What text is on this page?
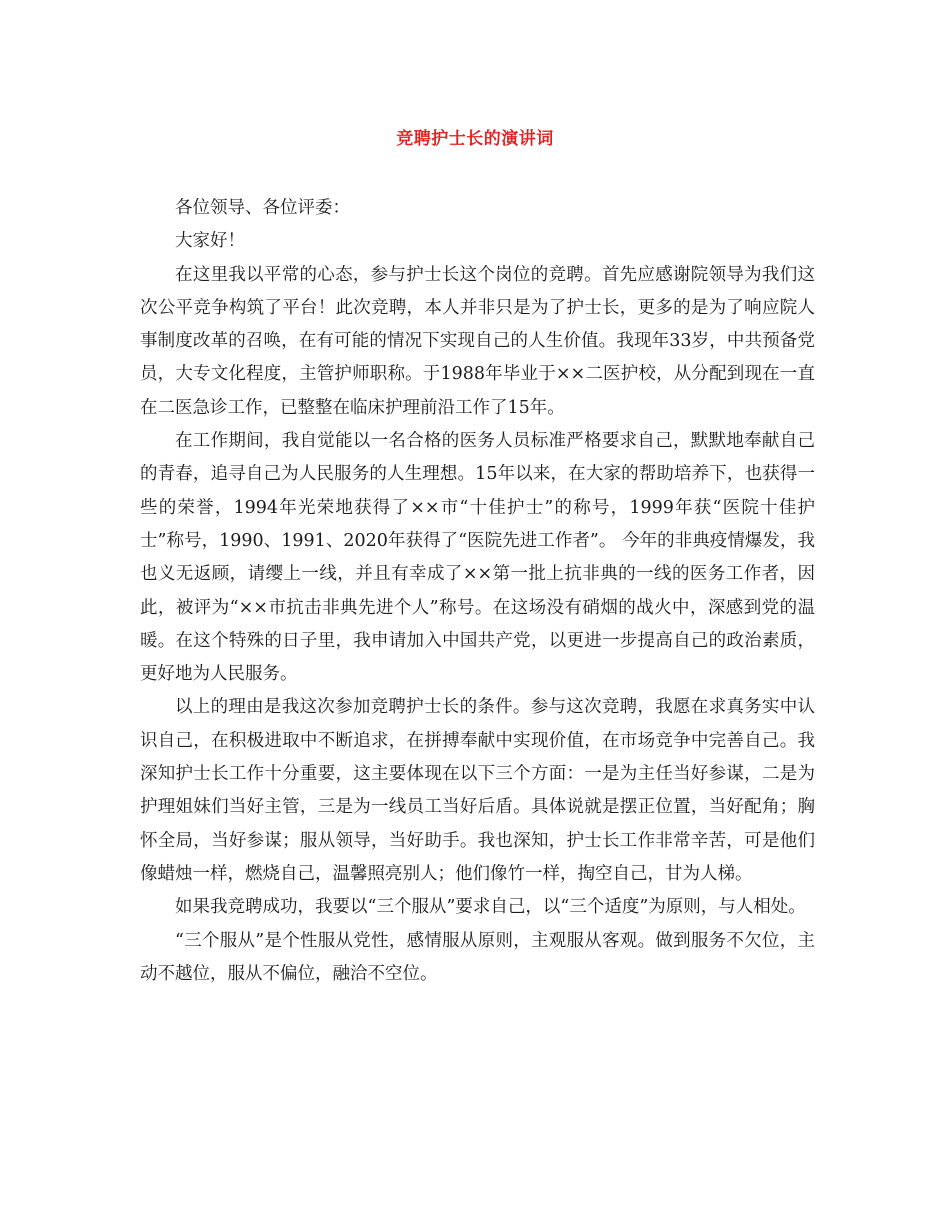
竞聘护士长的演讲词

各位领导、各位评委：

大家好！

在这里我以平常的心态，参与护士长这个岗位的竞聘。首先应感谢院领导为我们这次公平竞争构筑了平台！此次竞聘，本人并非只是为了护士长，更多的是为了响应院人事制度改革的召唤，在有可能的情况下实现自己的人生价值。我现年33岁，中共预备党员，大专文化程度，主管护师职称。于1988年毕业于××二医护校，从分配到现在一直在二医急诊工作，已整整在临床护理前沿工作了15年。

在工作期间，我自觉能以一名合格的医务人员标准严格要求自己，默默地奉献自己的青春，追寻自己为人民服务的人生理想。15年以来，在大家的帮助培养下，也获得一些的荣誉，1994年光荣地获得了××市“十佳护士”的称号，1999年获“医院十佳护士”称号，1990、1991、2020年获得了“医院先进工作者”。 今年的非典疫情爆发，我也义无返顾，请缨上一线，并且有幸成了××第一批上抗非典的一线的医务工作者，因此，被评为“××市抗击非典先进个人”称号。在这场没有硝烟的战火中，深感到党的温暖。在这个特殊的日子里，我申请加入中国共产党，以更进一步提高自己的政治素质，更好地为人民服务。

以上的理由是我这次参加竞聘护士长的条件。参与这次竞聘，我愿在求真务实中认识自己，在积极进取中不断追求，在拼搏奉献中实现价值，在市场竞争中完善自己。我深知护士长工作十分重要，这主要体现在以下三个方面：一是为主任当好参谋，二是为护理姐妹们当好主管，三是为一线员工当好后盾。具体说就是摆正位置，当好配角；胸怀全局，当好参谋；服从领导，当好助手。我也深知，护士长工作非常辛苦，可是他们像蜡烛一样，燃烧自己，温馨照亮别人；他们像竹一样，掏空自己，甘为人梯。

如果我竞聘成功，我要以“三个服从”要求自己，以“三个适度”为原则，与人相处。

“三个服从”是个性服从党性，感情服从原则，主观服从客观。做到服务不欠位，主动不越位，服从不偏位，融洽不空位。
